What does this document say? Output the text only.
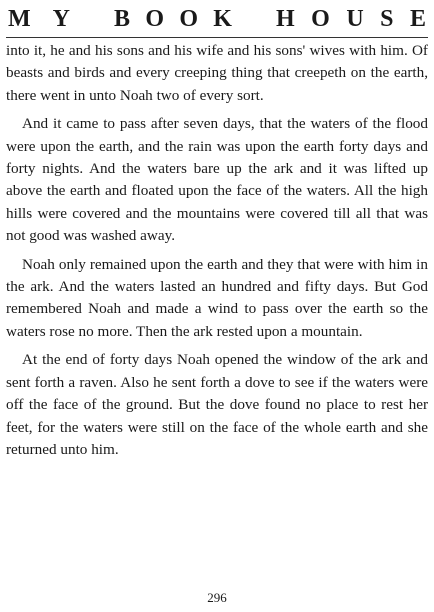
M Y B O O K H O U S E

into it, he and his sons and his wife and his sons' wives with him. Of beasts and birds and every creeping thing that creepeth on the earth, there went in unto Noah two of every sort.

And it came to pass after seven days, that the waters of the flood were upon the earth, and the rain was upon the earth forty days and forty nights. And the waters bare up the ark and it was lifted up above the earth and floated upon the face of the waters. All the high hills were covered and the mountains were covered till all that was not good was washed away.

Noah only remained upon the earth and they that were with him in the ark. And the waters lasted an hundred and fifty days. But God remembered Noah and made a wind to pass over the earth so the waters rose no more. Then the ark rested upon a mountain.

At the end of forty days Noah opened the window of the ark and sent forth a raven. Also he sent forth a dove to see if the waters were off the face of the ground. But the dove found no place to rest her feet, for the waters were still on the face of the whole earth and she returned unto him.

296
